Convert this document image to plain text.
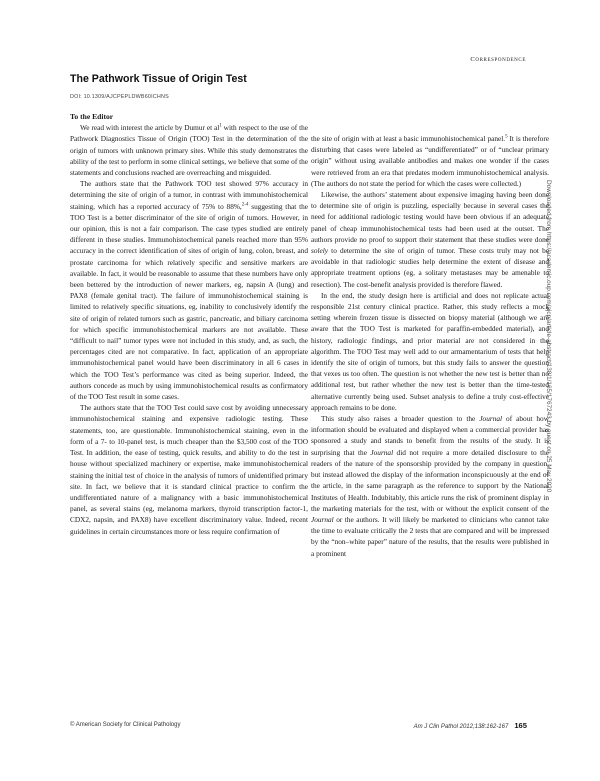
Correspondence
The Pathwork Tissue of Origin Test
DOI: 10.1309/AJCPEPLDWB60ICHNS
To the Editor

We read with interest the article by Dumur et $al^1$ with respect to the use of the Pathwork Diagnostics Tissue of Origin (TOO) Test in the determination of the origin of tumors with unknown primary sites. While this study demonstrates the ability of the test to perform in some clinical settings, we believe that some of the statements and conclusions reached are overreaching and misguided.

The authors state that the Pathwork TOO test showed 97% accuracy in determining the site of origin of a tumor, in contrast with immunohistochemical staining, which has a reported accuracy of 75% to 88%,$^{2-4}$ suggesting that the TOO Test is a better discriminator of the site of origin of tumors. However, in our opinion, this is not a fair comparison. The case types studied are entirely different in these studies. Immunohistochemical panels reached more than 95% accuracy in the correct identification of sites of origin of lung, colon, breast, and prostate carcinoma for which relatively specific and sensitive markers are available. In fact, it would be reasonable to assume that these numbers have only been bettered by the introduction of newer markers, eg, napsin A (lung) and PAX8 (female genital tract). The failure of immunohistochemical staining is limited to relatively specific situations, eg, inability to conclusively identify the site of origin of related tumors such as gastric, pancreatic, and biliary carcinoma for which specific immunohistochemical markers are not available. These “difficult to nail” tumor types were not included in this study, and, as such, the percentages cited are not comparative. In fact, application of an appropriate immunohistochemical panel would have been discriminatory in all 6 cases in which the TOO Test’s performance was cited as being superior. Indeed, the authors concede as much by using immunohistochemical results as confirmatory of the TOO Test result in some cases.

The authors state that the TOO Test could save cost by avoiding unnecessary immunohistochemical staining and expensive radiologic testing. These statements, too, are questionable. Immunohistochemical staining, even in the form of a 7- to 10-panel test, is much cheaper than the $3,500 cost of the TOO Test. In addition, the ease of testing, quick results, and ability to do the test in house without specialized machinery or expertise, make immunohistochemical staining the initial test of choice in the analysis of tumors of unidentified primary site. In fact, we believe that it is standard clinical practice to confirm the undifferentiated nature of a malignancy with a basic immunohistochemical panel, as several stains (eg, melanoma markers, thyroid transcription factor-1, CDX2, napsin, and PAX8) have excellent discriminatory value. Indeed, recent guidelines in certain circumstances more or less require confirmation of

the site of origin with at least a basic immunohistochemical panel.$^5$ It is therefore disturbing that cases were labeled as “undifferentiated” or of “unclear primary origin” without using available antibodies and makes one wonder if the cases were retrieved from an era that predates modern immunohistochemical analysis. (The authors do not state the period for which the cases were collected.)

Likewise, the authors’ statement about expensive imaging having been done to determine site of origin is puzzling, especially because in several cases the need for additional radiologic testing would have been obvious if an adequate panel of cheap immunohistochemical tests had been used at the outset. The authors provide no proof to support their statement that these studies were done solely to determine the site of origin of tumor. These costs truly may not be avoidable in that radiologic studies help determine the extent of disease and appropriate treatment options (eg, a solitary metastases may be amenable to resection). The cost-benefit analysis provided is therefore flawed.

In the end, the study design here is artificial and does not replicate actual responsible 21st century clinical practice. Rather, this study reflects a mock setting wherein frozen tissue is dissected on biopsy material (although we are aware that the TOO Test is marketed for paraffin-embedded material), and history, radiologic findings, and prior material are not considered in the algorithm. The TOO Test may well add to our armamentarium of tests that help identify the site of origin of tumors, but this study fails to answer the question that vexes us too often. The question is not whether the new test is better than no additional test, but rather whether the new test is better than the time-tested alternative currently being used. Subset analysis to define a truly cost-effective approach remains to be done.

This study also raises a broader question to the Journal of about how information should be evaluated and displayed when a commercial provider has sponsored a study and stands to benefit from the results of the study. It is surprising that the Journal did not require a more detailed disclosure to the readers of the nature of the sponsorship provided by the company in question, but instead allowed the display of the information inconspicuously at the end of the article, in the same paragraph as the reference to support by the National Institutes of Health. Indubitably, this article runs the risk of prominent display in the marketing materials for the test, with or without the explicit consent of the Journal or the authors. It will likely be marketed to clinicians who cannot take the time to evaluate critically the 2 tests that are compared and will be impressed by the “non–white paper” nature of the results, that the results were published in a prominent

Downloaded from https://academic.oup.com/ajcp/article-abstract/138/1/165/1767243 by guest on 25 May 2020
© American Society for Clinical Pathology	Am J Clin Pathol 2012;138:162-167 165
